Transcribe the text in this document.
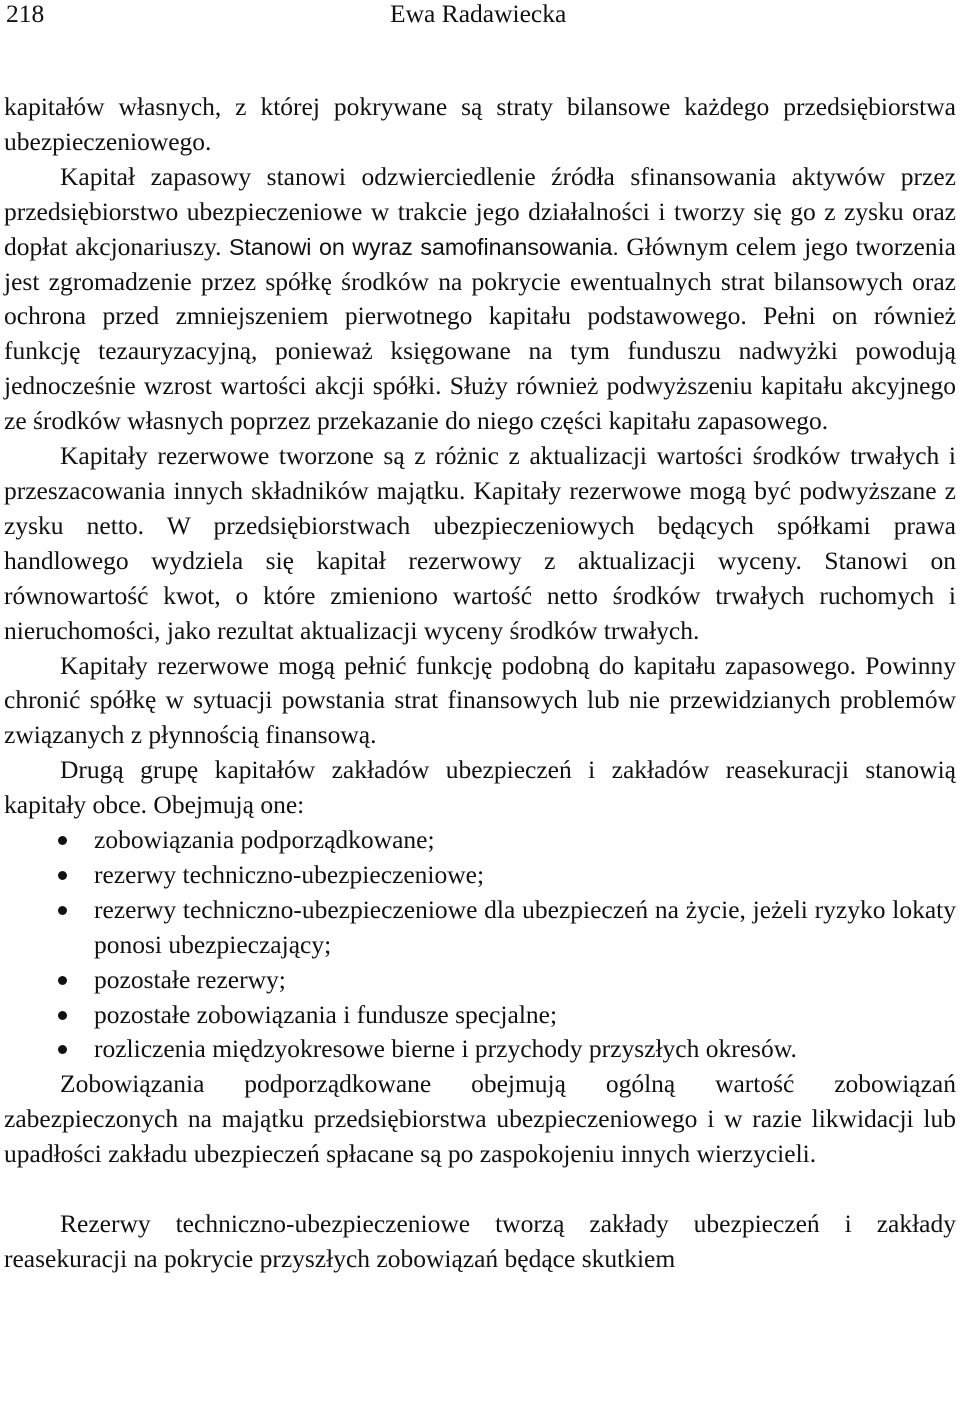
218	Ewa Radawiecka

kapitałów własnych, z której pokrywane są straty bilansowe każdego przedsiębiorstwa ubezpieczeniowego.

Kapitał zapasowy stanowi odzwierciedlenie źródła sfinansowania aktywów przez przedsiębiorstwo ubezpieczeniowe w trakcie jego działalności i tworzy się go z zysku oraz dopłat akcjonariuszy. Stanowi on wyraz samofinansowania. Głównym celem jego tworzenia jest zgromadzenie przez spółkę środków na pokrycie ewentualnych strat bilansowych oraz ochrona przed zmniejszeniem pierwotnego kapitału podstawowego. Pełni on również funkcję tezauryzacyjną, ponieważ księgowane na tym funduszu nadwyżki powodują jednocześnie wzrost wartości akcji spółki. Służy również podwyższeniu kapitału akcyjnego ze środków własnych poprzez przekazanie do niego części kapitału zapasowego.

Kapitały rezerwowe tworzone są z różnic z aktualizacji wartości środków trwałych i przeszacowania innych składników majątku. Kapitały rezerwowe mogą być podwyższane z zysku netto. W przedsiębiorstwach ubezpieczeniowych będących spółkami prawa handlowego wydziela się kapitał rezerwowy z aktualizacji wyceny. Stanowi on równowartość kwot, o które zmieniono wartość netto środków trwałych ruchomych i nieruchomości, jako rezultat aktualizacji wyceny środków trwałych.

Kapitały rezerwowe mogą pełnić funkcję podobną do kapitału zapasowego. Powinny chronić spółkę w sytuacji powstania strat finansowych lub nie przewidzianych problemów związanych z płynnością finansową.

Drugą grupę kapitałów zakładów ubezpieczeń i zakładów reasekuracji stanowią kapitały obce. Obejmują one:

zobowiązania podporządkowane;
rezerwy techniczno-ubezpieczeniowe;
rezerwy techniczno-ubezpieczeniowe dla ubezpieczeń na życie, jeżeli ryzyko lokaty ponosi ubezpieczający;
pozostałe rezerwy;
pozostałe zobowiązania i fundusze specjalne;
rozliczenia międzyokresowe bierne i przychody przyszłych okresów.

Zobowiązania podporządkowane obejmują ogólną wartość zobowiązań zabezpieczonych na majątku przedsiębiorstwa ubezpieczeniowego i w razie likwidacji lub upadłości zakładu ubezpieczeń spłacane są po zaspokojeniu innych wierzycieli.

Rezerwy techniczno-ubezpieczeniowe tworzą zakłady ubezpieczeń i zakłady reasekuracji na pokrycie przyszłych zobowiązań będące skutkiem
